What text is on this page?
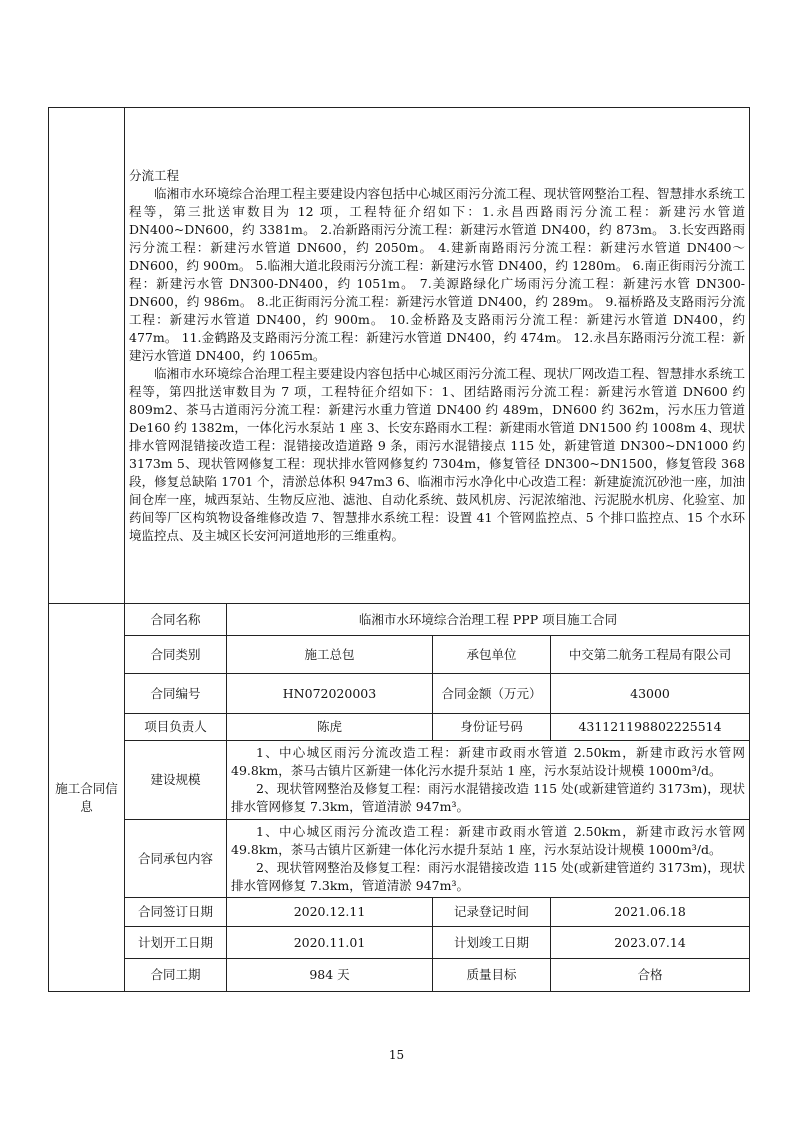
	分流工程

临湘市水环境综合治理工程主要建设内容包括中心城区雨污分流工程、现状管网整治工程、智慧排水系统工程等，第三批送审数目为 12 项，工程特征介绍如下：1.永昌西路雨污分流工程：新建污水管道 DN400~DN600，约 3381m。 2.冶新路雨污分流工程：新建污水管道 DN400，约 873m。 3.长安西路雨污分流工程：新建污水管道 DN600，约 2050m。 4.建新南路雨污分流工程：新建污水管道 DN400～DN600，约 900m。 5.临湘大道北段雨污分流工程：新建污水管 DN400，约 1280m。 6.南正街雨污分流工程：新建污水管 DN300-DN400，约 1051m。 7.美源路绿化广场雨污分流工程：新建污水管 DN300-DN600，约 986m。 8.北正街雨污分流工程：新建污水管道 DN400，约 289m。 9.福桥路及支路雨污分流工程：新建污水管道 DN400，约 900m。 10.金桥路及支路雨污分流工程：新建污水管道 DN400，约 477m。 11.金鹤路及支路雨污分流工程：新建污水管道 DN400，约 474m。 12.永昌东路雨污分流工程：新建污水管道 DN400，约 1065m。

临湘市水环境综合治理工程主要建设内容包括中心城区雨污分流工程、现状厂网改造工程、智慧排水系统工程等，第四批送审数目为 7 项，工程特征介绍如下：1、团结路雨污分流工程：新建污水管道 DN600 约 809m2、茶马古道雨污分流工程：新建污水重力管道 DN400 约 489m，DN600 约 362m，污水压力管道 De160 约 1382m，一体化污水泵站 1 座 3、长安东路雨水工程：新建雨水管道 DN1500 约 1008m 4、现状排水管网混错接改造工程：混错接改造道路 9 条，雨污水混错接点 115 处，新建管道 DN300~DN1000 约 3173m 5、现状管网修复工程：现状排水管网修复约 7304m，修复管径 DN300~DN1500，修复管段 368 段，修复总缺陷 1701 个，清淤总体积 947m3 6、临湘市污水净化中心改造工程：新建旋流沉砂池一座，加油间仓库一座，城西泵站、生物反应池、滤池、自动化系统、鼓风机房、污泥浓缩池、污泥脱水机房、化验室、加药间等厂区构筑物设备维修改造 7、智慧排水系统工程：设置 41 个管网监控点、5 个排口监控点、15 个水环境监控点、及主城区长安河河道地形的三维重构。			

施工合同信息	合同名称	临湘市水环境综合治理工程 PPP 项目施工合同		
	合同类别	施工总包	承包单位	中交第二航务工程局有限公司
	合同编号	HN072020003	合同金额（万元）	43000
	项目负责人	陈虎	身份证号码	431121198802225514
	建设规模	1、中心城区雨污分流改造工程：新建市政雨水管道 2.50km，新建市政污水管网 49.8km，茶马古镇片区新建一体化污水提升泵站 1 座，污水泵站设计规模 1000m³/d。

2、现状管网整治及修复工程：雨污水混错接改造 115 处(或新建管道约 3173m)，现状排水管网修复 7.3km，管道清淤 947m³。		

	合同承包内容	1、中心城区雨污分流改造工程：新建市政雨水管道 2.50km，新建市政污水管网 49.8km，茶马古镇片区新建一体化污水提升泵站 1 座，污水泵站设计规模 1000m³/d。

2、现状管网整治及修复工程：雨污水混错接改造 115 处(或新建管道约 3173m)，现状排水管网修复 7.3km，管道清淤 947m³。		

	合同签订日期	2020.12.11	记录登记时间	2021.06.18
	计划开工日期	2020.11.01	计划竣工日期	2023.07.14
	合同工期	984 天	质量目标	合格
15
